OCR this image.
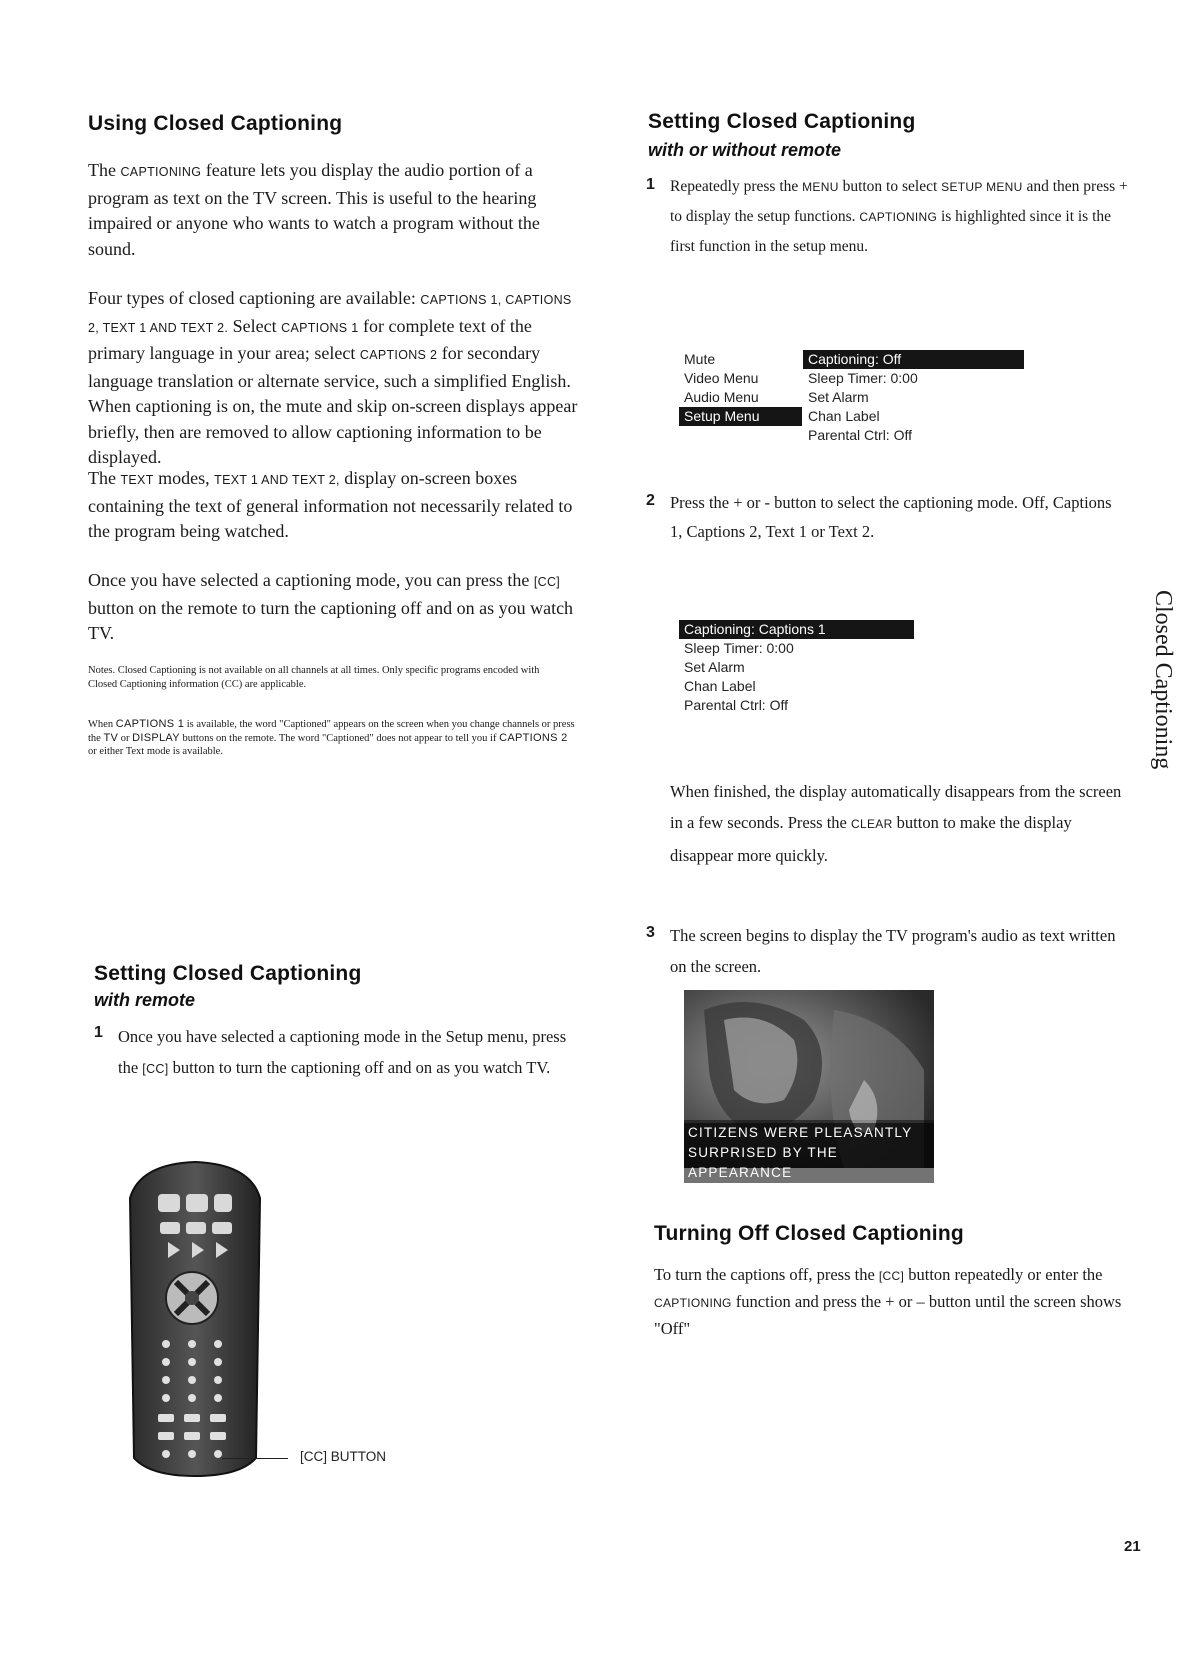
Using Closed Captioning

The CAPTIONING feature lets you display the audio portion of a program as text on the TV screen. This is useful to the hearing impaired or anyone who wants to watch a program without the sound.

Four types of closed captioning are available: CAPTIONS 1, CAPTIONS 2, TEXT 1 AND TEXT 2. Select CAPTIONS 1 for complete text of the primary language in your area; select CAPTIONS 2 for secondary language translation or alternate service, such a simplified English. When captioning is on, the mute and skip on-screen displays appear briefly, then are removed to allow captioning information to be displayed.

The TEXT modes, TEXT 1 AND TEXT 2, display on-screen boxes containing the text of general information not necessarily related to the program being watched.

Once you have selected a captioning mode, you can press the [CC] button on the remote to turn the captioning off and on as you watch TV.

Notes. Closed Captioning is not available on all channels at all times. Only specific programs encoded with Closed Captioning information (CC) are applicable.

When CAPTIONS 1 is available, the word "Captioned" appears on the screen when you change channels or press the TV or DISPLAY buttons on the remote. The word "Captioned" does not appear to tell you if CAPTIONS 2 or either Text mode is available.

Setting Closed Captioning
with remote
1 Once you have selected a captioning mode in the Setup menu, press the [CC] button to turn the captioning off and on as you watch TV.

[CC] BUTTON
Setting Closed Captioning
with or without remote
1 Repeatedly press the MENU button to select SETUP MENU and then press + to display the setup functions. CAPTIONING is highlighted since it is the first function in the setup menu.

Mute
Video Menu
Audio Menu
Setup Menu
Captioning: Off
Sleep Timer: 0:00
Set Alarm
Chan Label
Parental Ctrl: Off
2 Press the + or - button to select the captioning mode. Off, Captions 1, Captions 2, Text 1 or Text 2.

Captioning: Captions 1
Sleep Timer: 0:00
Set Alarm
Chan Label
Parental Ctrl: Off

When finished, the display automatically disappears from the screen in a few seconds. Press the CLEAR button to make the display disappear more quickly.

3 The screen begins to display the TV program's audio as text written on the screen.

CITIZENS WERE PLEASANTLY
SURPRISED BY THE APPEARANCE
Turning Off Closed Captioning

To turn the captions off, press the [CC] button repeatedly or enter the CAPTIONING function and press the + or – button until the screen shows "Off"

Closed Captioning
21
